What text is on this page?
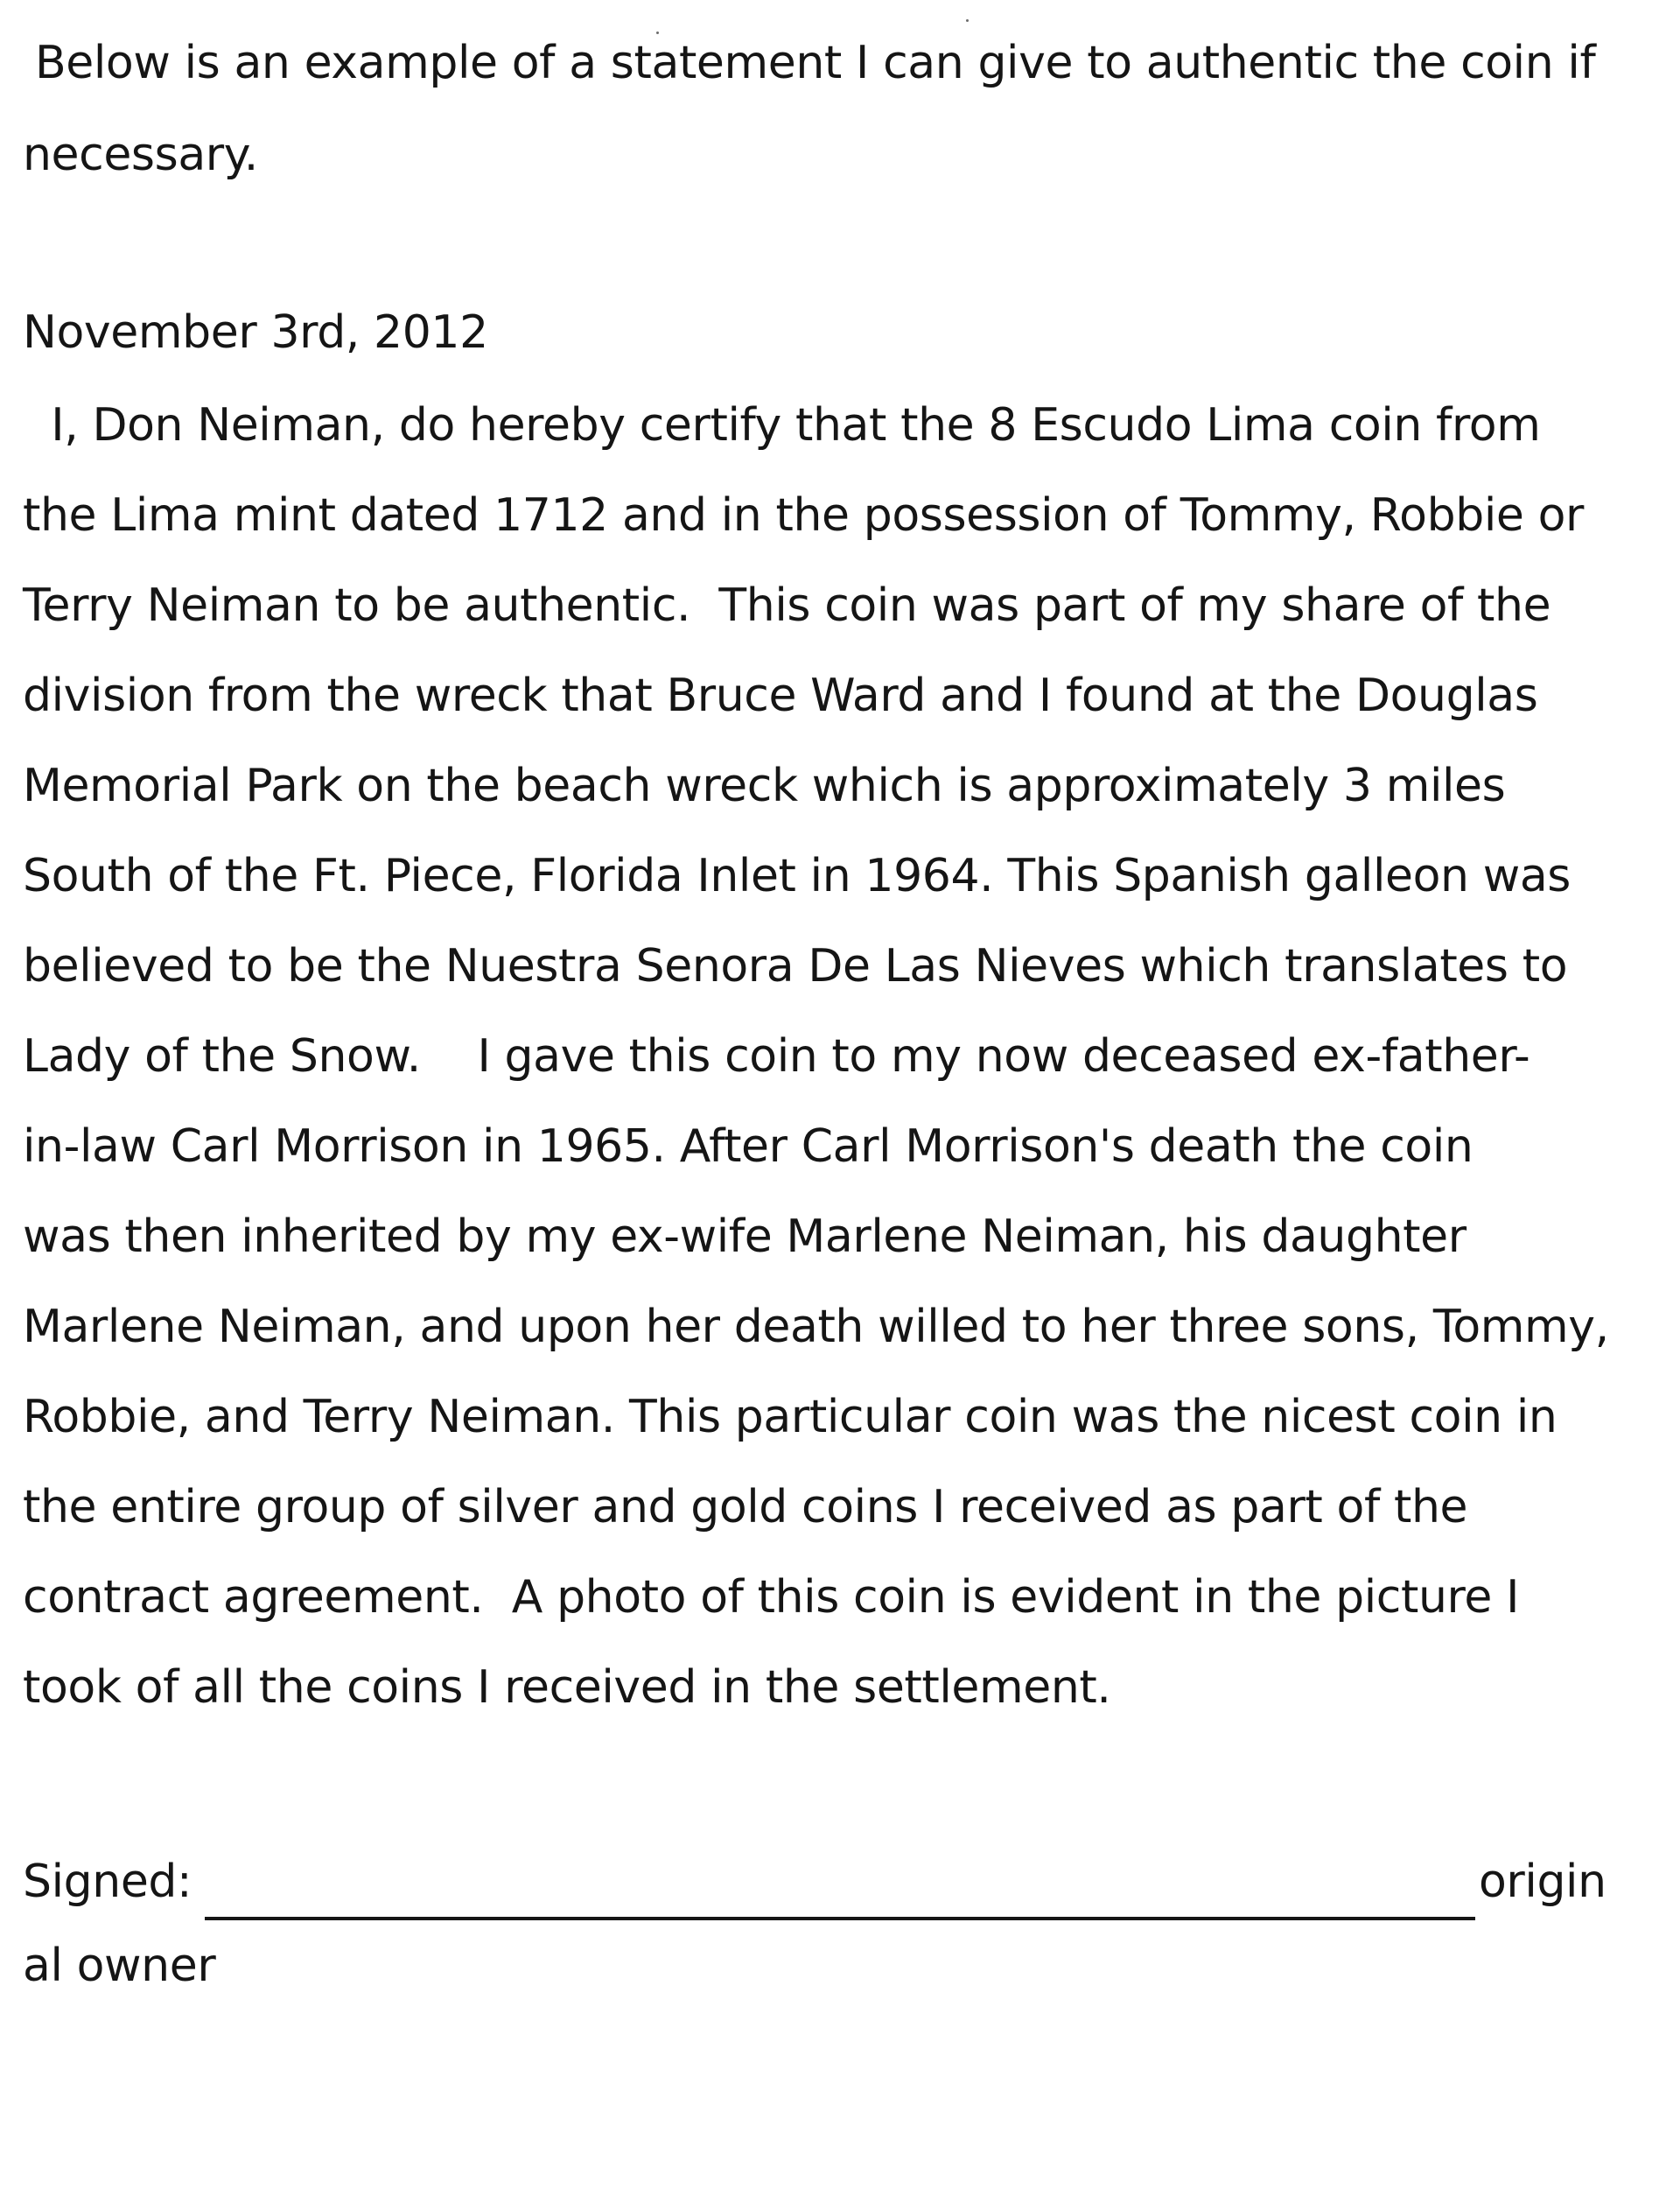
Below is an example of a statement I can give to authentic the coin if
necessary.
November 3rd, 2012
I, Don Neiman, do hereby certify that the 8 Escudo Lima coin from
the Lima mint dated 1712 and in the possession of Tommy, Robbie or
Terry Neiman to be authentic.  This coin was part of my share of the
division from the wreck that Bruce Ward and I found at the Douglas
Memorial Park on the beach wreck which is approximately 3 miles
South of the Ft. Piece, Florida Inlet in 1964. This Spanish galleon was
believed to be the Nuestra Senora De Las Nieves which translates to
Lady of the Snow.    I gave this coin to my now deceased ex-father-
in-law Carl Morrison in 1965. After Carl Morrison's death the coin
was then inherited by my ex-wife Marlene Neiman, his daughter
Marlene Neiman, and upon her death willed to her three sons, Tommy,
Robbie, and Terry Neiman. This particular coin was the nicest coin in
the entire group of silver and gold coins I received as part of the
contract agreement.  A photo of this coin is evident in the picture I
took of all the coins I received in the settlement.
Signed:	origin
al owner
